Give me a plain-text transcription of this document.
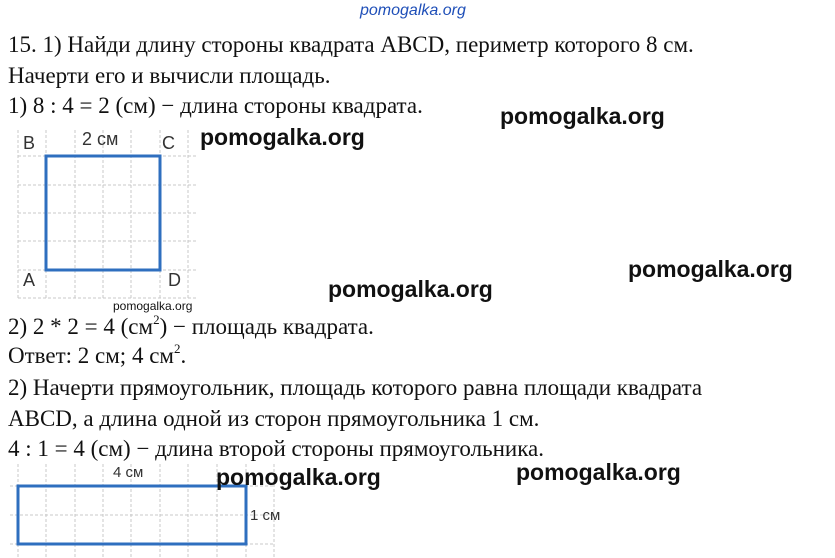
pomogalka.org
15. 1) Найди длину стороны квадрата ABCD, периметр которого 8 см.
Начерти его и вычисли площадь.
1) 8 : 4 = 2 (см) − длина стороны квадрата.
B	2 см C
A	D
pomogalka.org
pomogalka.org
pomogalka.org
pomogalka.org
pomogalka.org
2) 2 * 2 = 4 $(см^2)$ − площадь квадрата.
Ответ: 2 см; 4 $см^2$.
2) Начерти прямоугольник, площадь которого равна площади квадрата
ABCD, а длина одной из сторон прямоугольника 1 см.
4 : 1 = 4 (см) − длина второй стороны прямоугольника.
4 см
1 см
pomogalka.org	pomogalka.org
